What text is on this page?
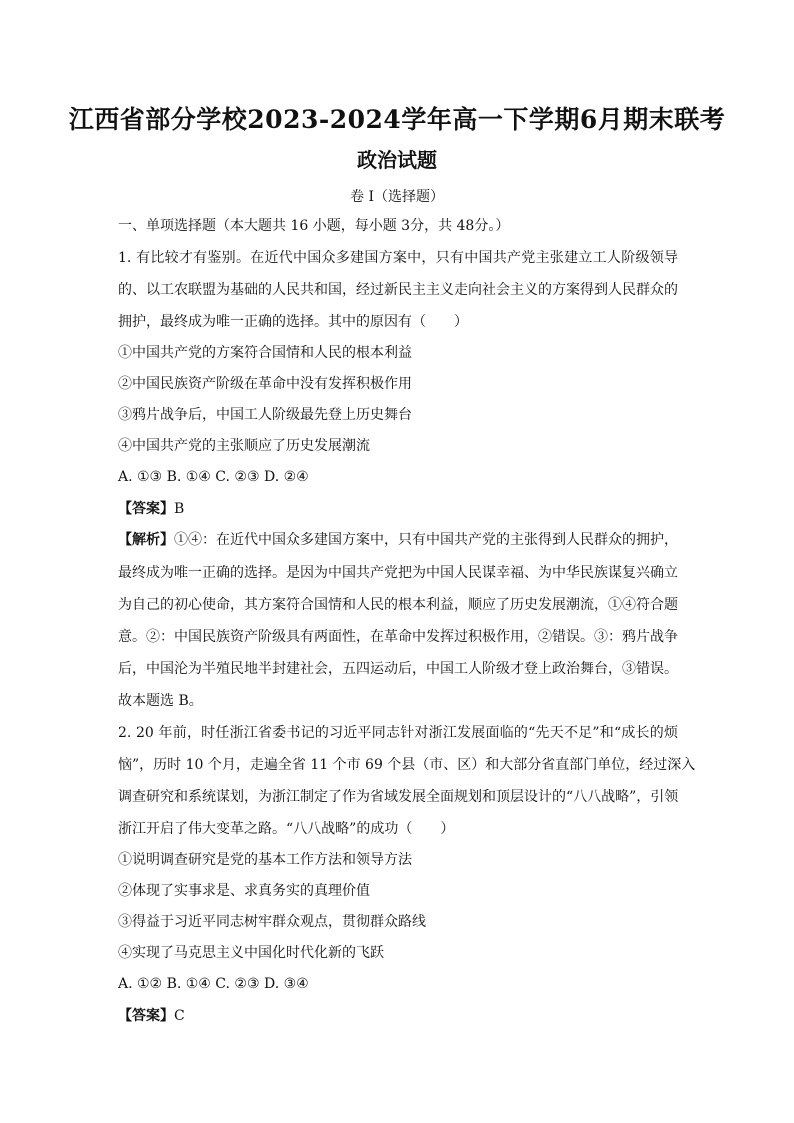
江西省部分学校2023-2024学年高一下学期6月期末联考
政治试题
卷 I（选择题）
一、单项选择题（本大题共 16 小题，每小题 3分，共 48分。）
1. 有比较才有鉴别。在近代中国众多建国方案中，只有中国共产党主张建立工人阶级领导
的、以工农联盟为基础的人民共和国，经过新民主主义走向社会主义的方案得到人民群众的
拥护，最终成为唯一正确的选择。其中的原因有（　　）
①中国共产党的方案符合国情和人民的根本利益
②中国民族资产阶级在革命中没有发挥积极作用
③鸦片战争后，中国工人阶级最先登上历史舞台
④中国共产党的主张顺应了历史发展潮流
A. ①③ B. ①④ C. ②③ D. ②④
【答案】B
【解析】①④：在近代中国众多建国方案中，只有中国共产党的主张得到人民群众的拥护，
最终成为唯一正确的选择。是因为中国共产党把为中国人民谋幸福、为中华民族谋复兴确立
为自己的初心使命，其方案符合国情和人民的根本利益，顺应了历史发展潮流，①④符合题
意。②：中国民族资产阶级具有两面性，在革命中发挥过积极作用，②错误。③：鸦片战争
后，中国沦为半殖民地半封建社会，五四运动后，中国工人阶级才登上政治舞台，③错误。
故本题选 B。
2. 20 年前，时任浙江省委书记的习近平同志针对浙江发展面临的“先天不足”和“成长的烦
恼”，历时 10 个月，走遍全省 11 个市 69 个县（市、区）和大部分省直部门单位，经过深入
调查研究和系统谋划，为浙江制定了作为省域发展全面规划和顶层设计的“八八战略”，引领
浙江开启了伟大变革之路。“八八战略”的成功（　　）
①说明调查研究是党的基本工作方法和领导方法
②体现了实事求是、求真务实的真理价值
③得益于习近平同志树牢群众观点，贯彻群众路线
④实现了马克思主义中国化时代化新的飞跃
A. ①② B. ①④ C. ②③ D. ③④
【答案】C
